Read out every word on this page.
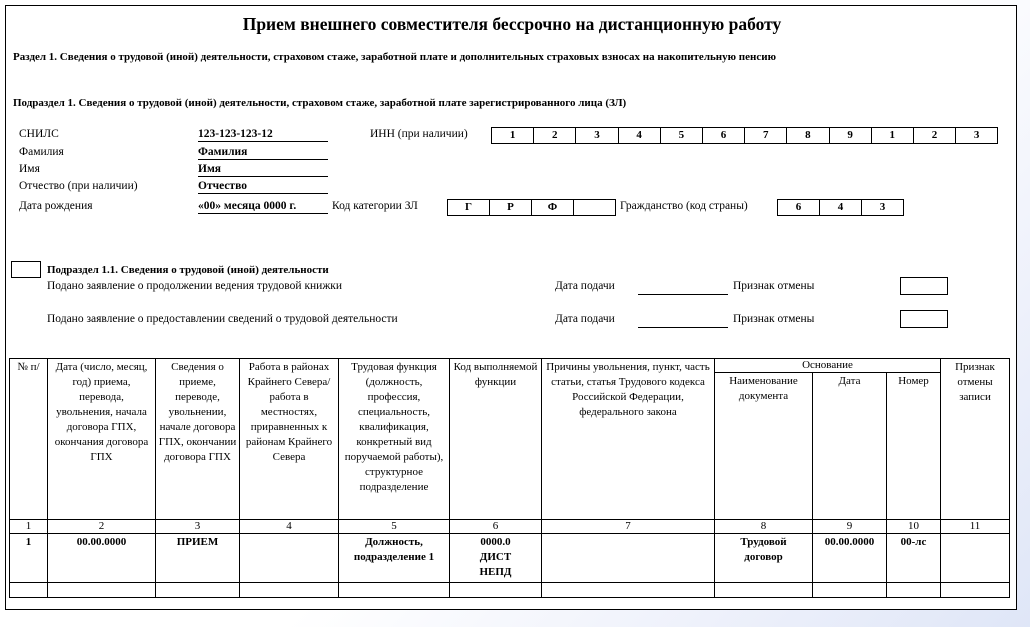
Прием внешнего совместителя бессрочно на дистанционную работу
Раздел 1. Сведения о трудовой (иной) деятельности, страховом стаже, заработной плате и дополнительных страховых взносах на накопительную пенсию
Подраздел 1. Сведения о трудовой (иной) деятельности, страховом стаже, заработной плате зарегистрированного лица (ЗЛ)
СНИЛС	123-123-123-12
Фамилия	Фамилия
Имя	Имя
Отчество (при наличии)	Отчество
Дата рождения	«00» месяца 0000 г.
ИНН (при наличии)	1	2	3	4	5	6	7	8	9	1	2	3
Код категории ЗЛ	Г	Р	Ф	Гражданство (код страны)	6	4	3
Подраздел 1.1. Сведения о трудовой (иной) деятельности
Подано заявление о продолжении ведения трудовой книжки	Дата подачи	Признак отмены
Подано заявление о предоставлении сведений о трудовой деятельности	Дата подачи	Признак отмены
№ п/	Дата (число, месяц, год) приема, перевода, увольнения, начала договора ГПХ, окончания договора ГПХ	Сведения о приеме, переводе, увольнении, начале договора ГПХ, окончании договора ГПХ	Работа в районах Крайнего Севера/работа в местностях, приравненных к районам Крайнего Севера	Трудовая функция (должность, профессия, специальность, квалификация, конкретный вид поручаемой работы), структурное подразделение	Код выполняемой функции	Причины увольнения, пункт, часть статьи, статья Трудового кодекса Российской Федерации, федерального закона	Основание			Признак отмены записи
							Наименование документа	Дата	Номер	
1	2	3	4	5	6	7	8	9	10	11
1	00.00.0000	ПРИЕМ		Должность, подразделение 1	0000.0 ДИСТ НЕПД		Трудовой договор	00.00.0000	00-лс	
